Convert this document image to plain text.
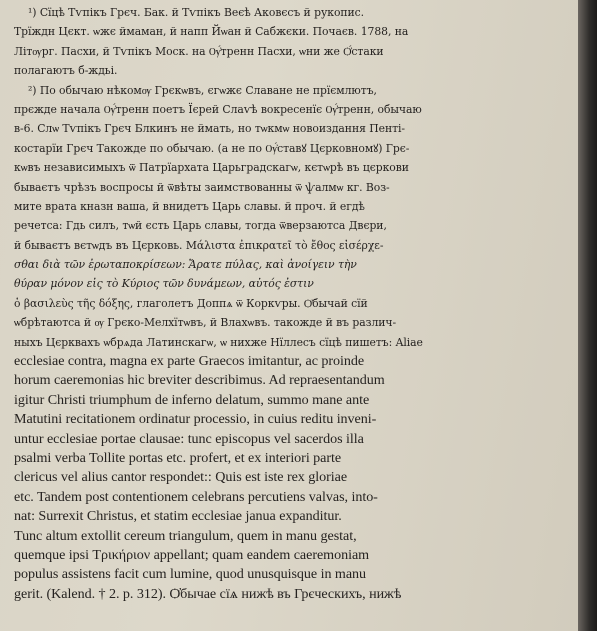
¹) Сїцѣ Тѵпікъ Грєч. Бак. й Тѵпікъ Веєѣ Аковєсъ й рукопис.
Трїждн Цєкт. ѡжє ймаман, й напп Йѡан й Сабжєки. Почаєв. 1788, на
Літѹрг. Пасхи, й Тѵпікъ Моск. на Ѹ҆́тренн Пасхи, ѡни же Ѻ҆́стаки
полагаютъ б-ждьі.
²) По обычаю нѣкомѹ Грєкѡвъ, єгѡжє Славане не прїємлютъ,
прєжде начала Ѹ҆́тренн поетъ Їєрей Слаѵѣ вокресенїє Ѹ҆́тренн, обычаю
в-6. Слѡ Тѵпікъ Грєч Блкинъ не ймать, но тѡкмѡ новоиздання Пенті-
костарїи Грєч Такожде по обычаю. (а не по Ѹ҆́ставꙋ Цєрковномꙋ) Грє-
кѡвъ независимыхъ ѿ Патрїархата Царьградскагѡ, кєтѡрѣ въ цєркови
бываєтъ чрѣзъ воспросы й ѿвѣты заимствованны ѿ ѱалмѡ кг. Воз-
мите врата кназн ваша, й внидетъ Царь славы. й проч. й егдѣ
речетса: Гдь силъ, тѡй єсть Царь славы, тогда ѿверзаютса Двєри,
й бываєтъ вєтѡдъ въ Цєрковь. Μάλιστα ἐπικρατεῖ τὸ ἔθος εἰσέρχε-
σθαι διὰ τῶν ἐρωταποκρίσεων: Ἄρατε πύλας, καὶ ἀνοίγειν τὴν
θύραν μόνον εἰς τὸ Κύριος τῶν δυνάμεων, αὐτός ἐστιν
ὁ βασιλεὺς τῆς δόξης, глаголетъ Доппѧ ѿ Коркѵры. Ѻ҆бычай сїй
ѡбрѣтаютса й ѹ Грєко-Мелхїтѡвъ, й Влахѡвъ. такожде й въ различ-
ныхъ Цєрквахъ ѡбрѧда Латинскагѡ, ѡ нихже Нїллесъ сїцѣ пишетъ: Aliae
ecclesiae contra, magna ex parte Graecos imitantur, ac proinde
horum caeremonias hic breviter describimus. Ad repraesentandum
igitur Christi triumphum de inferno delatum, summo mane ante
Matutini recitationem ordinatur processio, in cuius reditu inveni-
untur ecclesiae portae clausae: tunc episcopus vel sacerdos illa
psalmi verba Tollite portas etc. profert, et ex interiori parte
clericus vel alius cantor respondet:: Quis est iste rex gloriae
etc. Tandem post contentionem celebrans percutiens valvas, into-
nat: Surrexit Christus, et statim ecclesiae janua expanditur.
Tunc altum extollit cereum triangulum, quem in manu gestat,
quemque ipsi Τρικήριον appellant; quam eandem caeremoniam
populus assistens facit cum lumine, quod unusquisque in manu
gerit. (Kalend. † 2. p. 312). Ѻ҆бычае сїѧ нижѣ въ Грєческихъ, нижѣ
